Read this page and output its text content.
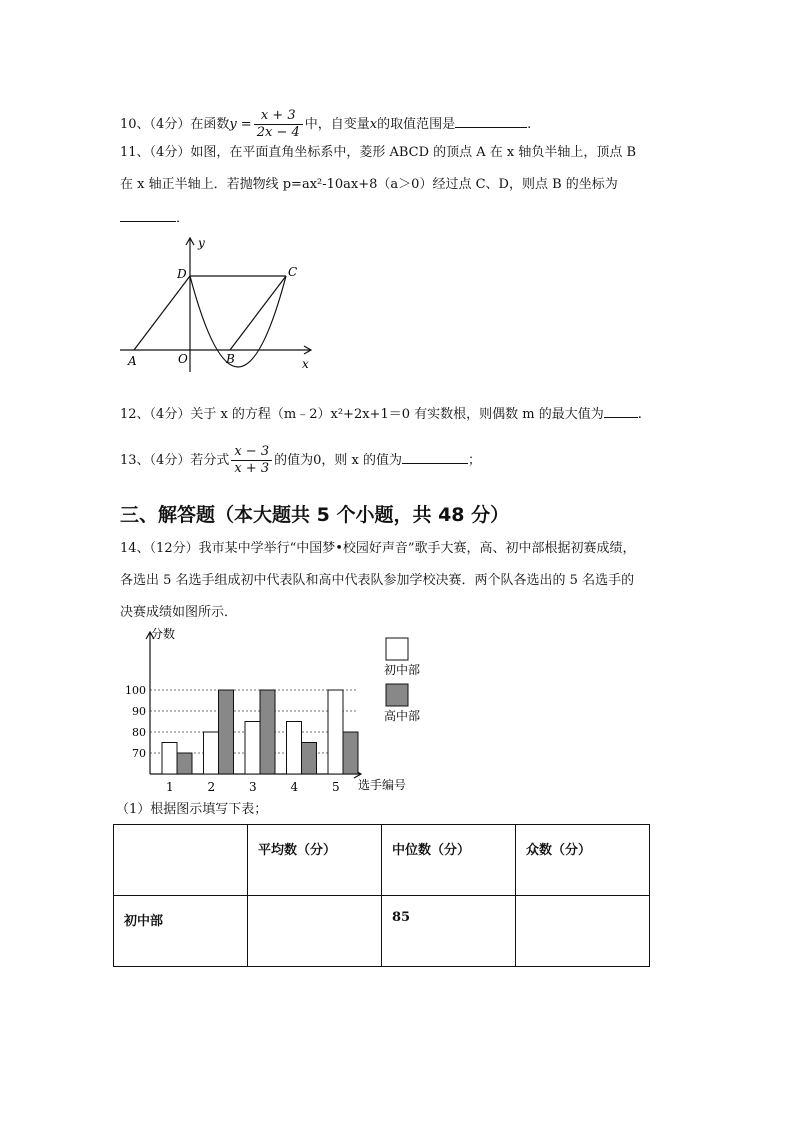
10、（4分）在函数$y = \frac{x + 3}{2x - 4}$ 中，自变量x的取值范围是	.
11、（4分）如图，在平面直角坐标系中，菱形 ABCD 的顶点 A 在 x 轴负半轴上，顶点 B
在 x 轴正半轴上．若抛物线 p=ax²-10ax+8（a＞0）经过点 C、D，则点 B 的坐标为
．
y
D	C
A	O	B	x
12、（4分）关于 x 的方程（m﹣2）x²+2x+1＝0 有实数根，则偶数 m 的最大值为	.
13、（4分）若分式 $\frac{x - 3}{x + 3}$ 的值为0，则 x 的值为	；
三、解答题（本大题共 5 个小题，共 48 分）
14、（12分）我市某中学举行“中国梦•校园好声音”歌手大赛，高、初中部根据初赛成绩，
各选出 5 名选手组成初中代表队和高中代表队参加学校决赛．两个队各选出的 5 名选手的
决赛成绩如图所示．
70
80
90
100
分数
选手编号
1	2	3	4	5
初中部
高中部
（1）根据图示填写下表；
	平均数（分）	中位数（分）	众数（分）
初中部		85	
